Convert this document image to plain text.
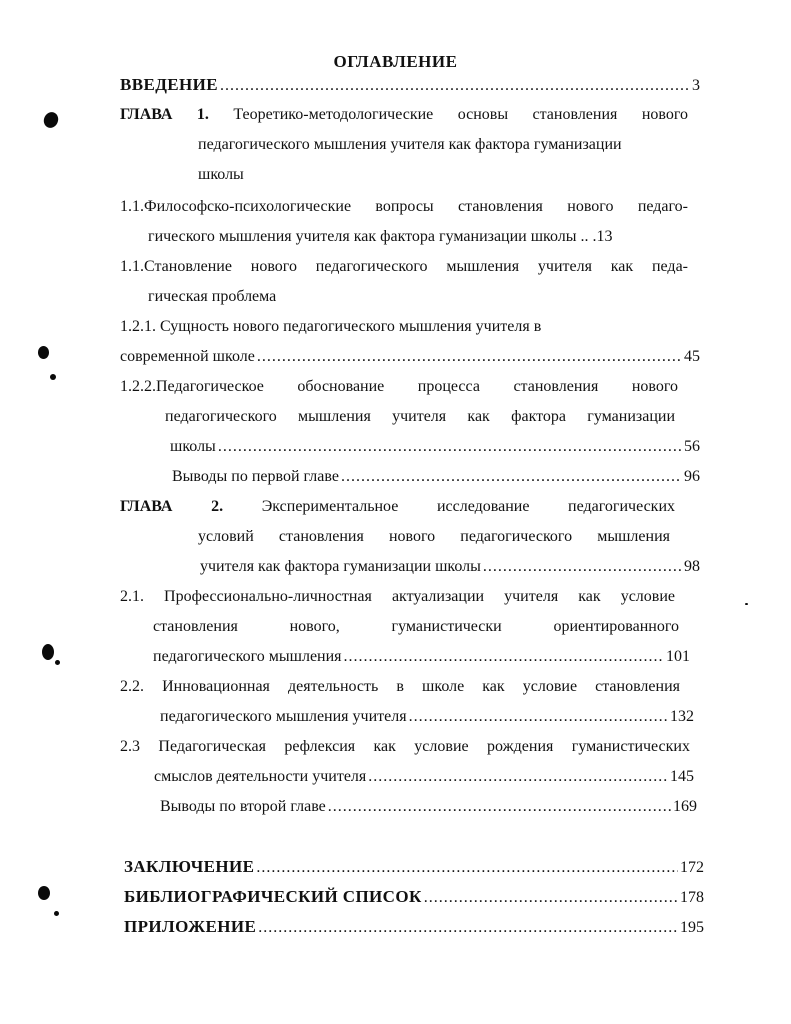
ОГЛАВЛЕНИЕ
ВВЕДЕНИЕ .....	3
ГЛАВА 1. Теоретико-методологические основы становления нового
педагогического мышления учителя как фактора гуманизации
школы
1.1.Философско-психологические вопросы становления нового педаго-
гического мышления учителя как фактора гуманизации школы .. . 13
1.1.Становление нового педагогического мышления учителя как педа-
гическая проблема
1.2.1. Сущность нового педагогического мышления учителя в
современной школе .....	45
1.2.2.Педагогическое обоснование процесса становления нового
педагогического мышления учителя как фактора гуманизации
школы .....	56
Выводы по первой главе .....	96
ГЛАВА 2. Экспериментальное исследование педагогических
условий становления нового педагогического мышления
учителя как фактора гуманизации школы .....	98
2.1. Профессионально-личностная актуализации учителя как условие
становления нового, гуманистически ориентированного
педагогического мышления .....	101
2.2. Инновационная деятельность в школе как условие становления
педагогического мышления учителя .....	132
2.3 Педагогическая рефлексия как условие рождения гуманистических
смыслов деятельности учителя .....	145
Выводы по второй главе .....	169
ЗАКЛЮЧЕНИЕ .....	172
БИБЛИОГРАФИЧЕСКИЙ СПИСОК .....	178
ПРИЛОЖЕНИЕ .....	195
